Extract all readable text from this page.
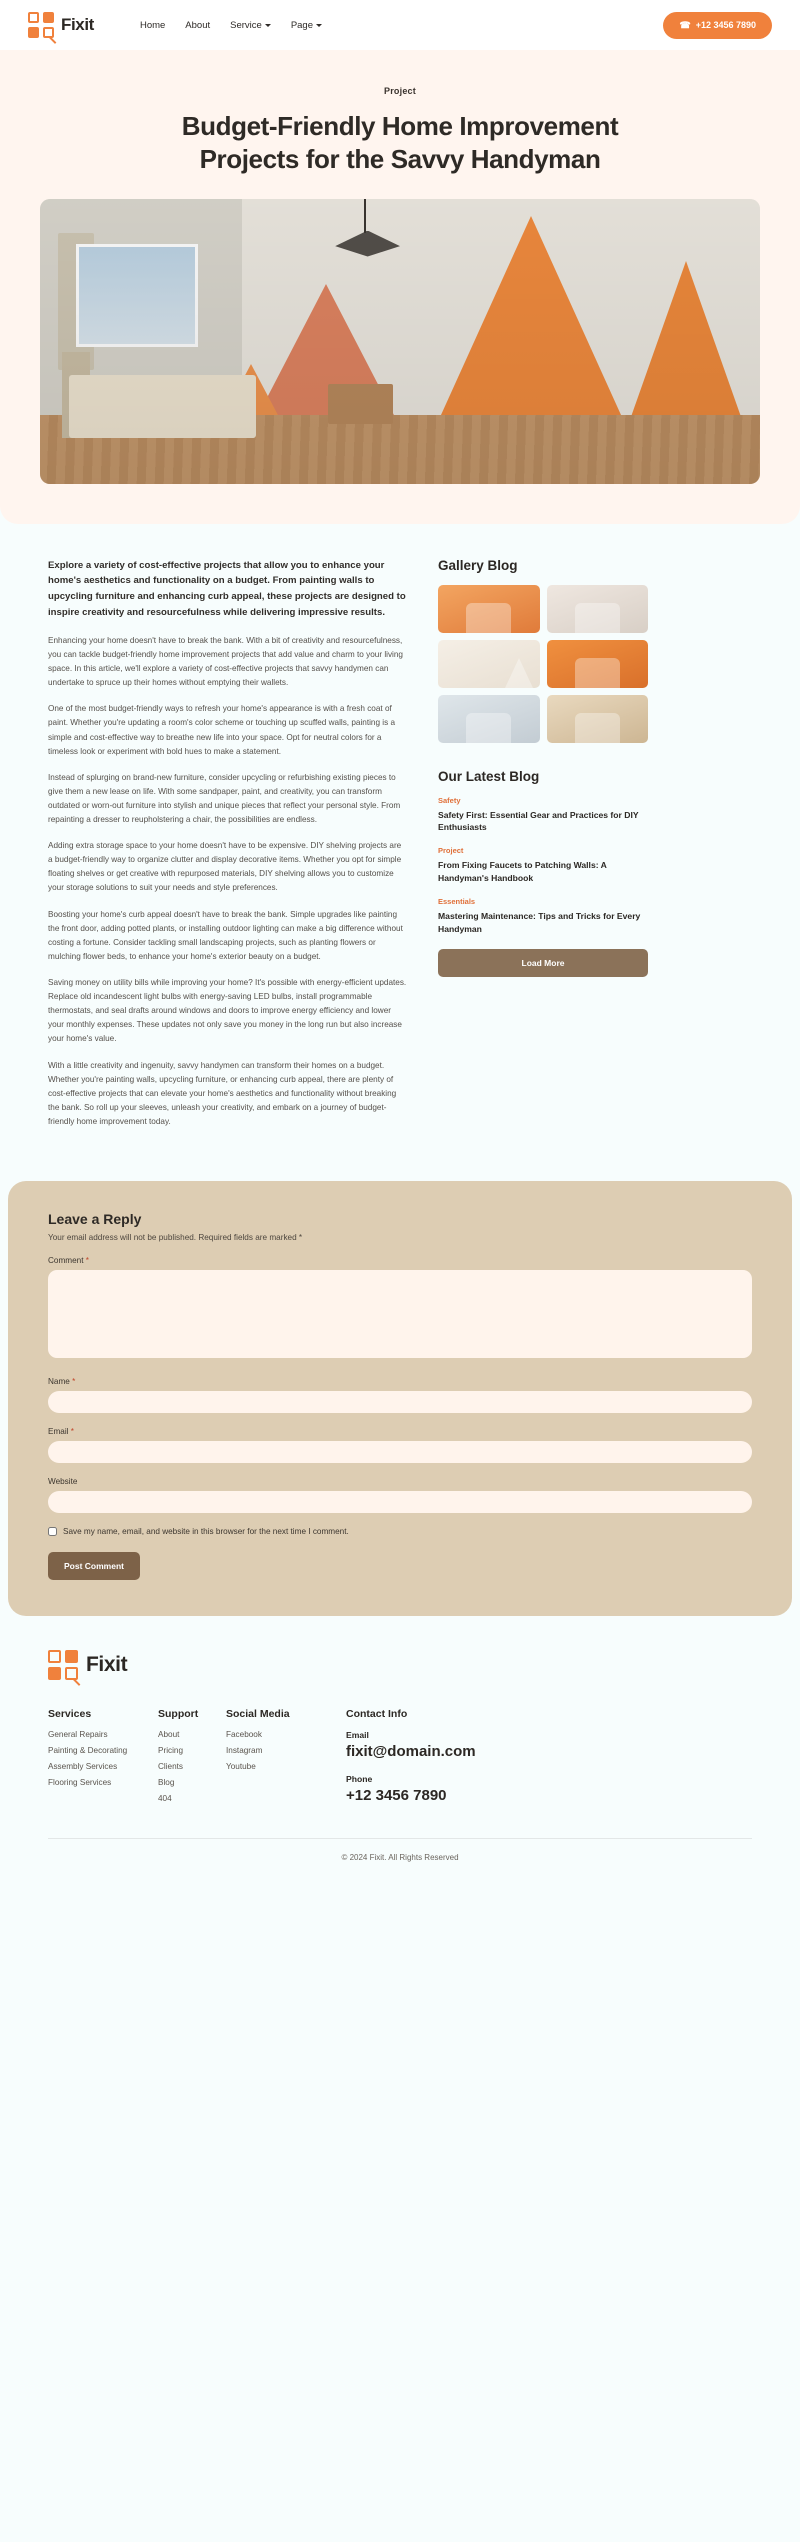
Fixit	Home About Service	Page	☎ +12 3456 7890
Project
Budget-Friendly Home Improvement Projects for the Savvy Handyman

Explore a variety of cost-effective projects that allow you to enhance your home's aesthetics and functionality on a budget. From painting walls to upcycling furniture and enhancing curb appeal, these projects are designed to inspire creativity and resourcefulness while delivering impressive results.

Enhancing your home doesn't have to break the bank. With a bit of creativity and resourcefulness, you can tackle budget-friendly home improvement projects that add value and charm to your living space. In this article, we'll explore a variety of cost-effective projects that savvy handymen can undertake to spruce up their homes without emptying their wallets.

One of the most budget-friendly ways to refresh your home's appearance is with a fresh coat of paint. Whether you're updating a room's color scheme or touching up scuffed walls, painting is a simple and cost-effective way to breathe new life into your space. Opt for neutral colors for a timeless look or experiment with bold hues to make a statement.

Instead of splurging on brand-new furniture, consider upcycling or refurbishing existing pieces to give them a new lease on life. With some sandpaper, paint, and creativity, you can transform outdated or worn-out furniture into stylish and unique pieces that reflect your personal style. From repainting a dresser to reupholstering a chair, the possibilities are endless.

Adding extra storage space to your home doesn't have to be expensive. DIY shelving projects are a budget-friendly way to organize clutter and display decorative items. Whether you opt for simple floating shelves or get creative with repurposed materials, DIY shelving allows you to customize your storage solutions to suit your needs and style preferences.

Boosting your home's curb appeal doesn't have to break the bank. Simple upgrades like painting the front door, adding potted plants, or installing outdoor lighting can make a big difference without costing a fortune. Consider tackling small landscaping projects, such as planting flowers or mulching flower beds, to enhance your home's exterior beauty on a budget.

Saving money on utility bills while improving your home? It's possible with energy-efficient updates. Replace old incandescent light bulbs with energy-saving LED bulbs, install programmable thermostats, and seal drafts around windows and doors to improve energy efficiency and lower your monthly expenses. These updates not only save you money in the long run but also increase your home's value.

With a little creativity and ingenuity, savvy handymen can transform their homes on a budget. Whether you're painting walls, upcycling furniture, or enhancing curb appeal, there are plenty of cost-effective projects that can elevate your home's aesthetics and functionality without breaking the bank. So roll up your sleeves, unleash your creativity, and embark on a journey of budget-friendly home improvement today.

Gallery Blog
Our Latest Blog
Safety
Safety First: Essential Gear and Practices for DIY Enthusiasts
Project
From Fixing Faucets to Patching Walls: A Handyman's Handbook
Essentials
Mastering Maintenance: Tips and Tricks for Every Handyman
Load More
Leave a Reply
Your email address will not be published. Required fields are marked *
Comment *
Name *
Email *
Website
Save my name, email, and website in this browser for the next time I comment.
Post Comment
Fixit
Services
General Repairs
Painting & Decorating
Assembly Services
Flooring Services
Support
About
Pricing
Clients
Blog
404
Social Media
Facebook
Instagram
Youtube
Contact Info
Email
fixit@domain.com
Phone
+12 3456 7890
© 2024 Fixit. All Rights Reserved
